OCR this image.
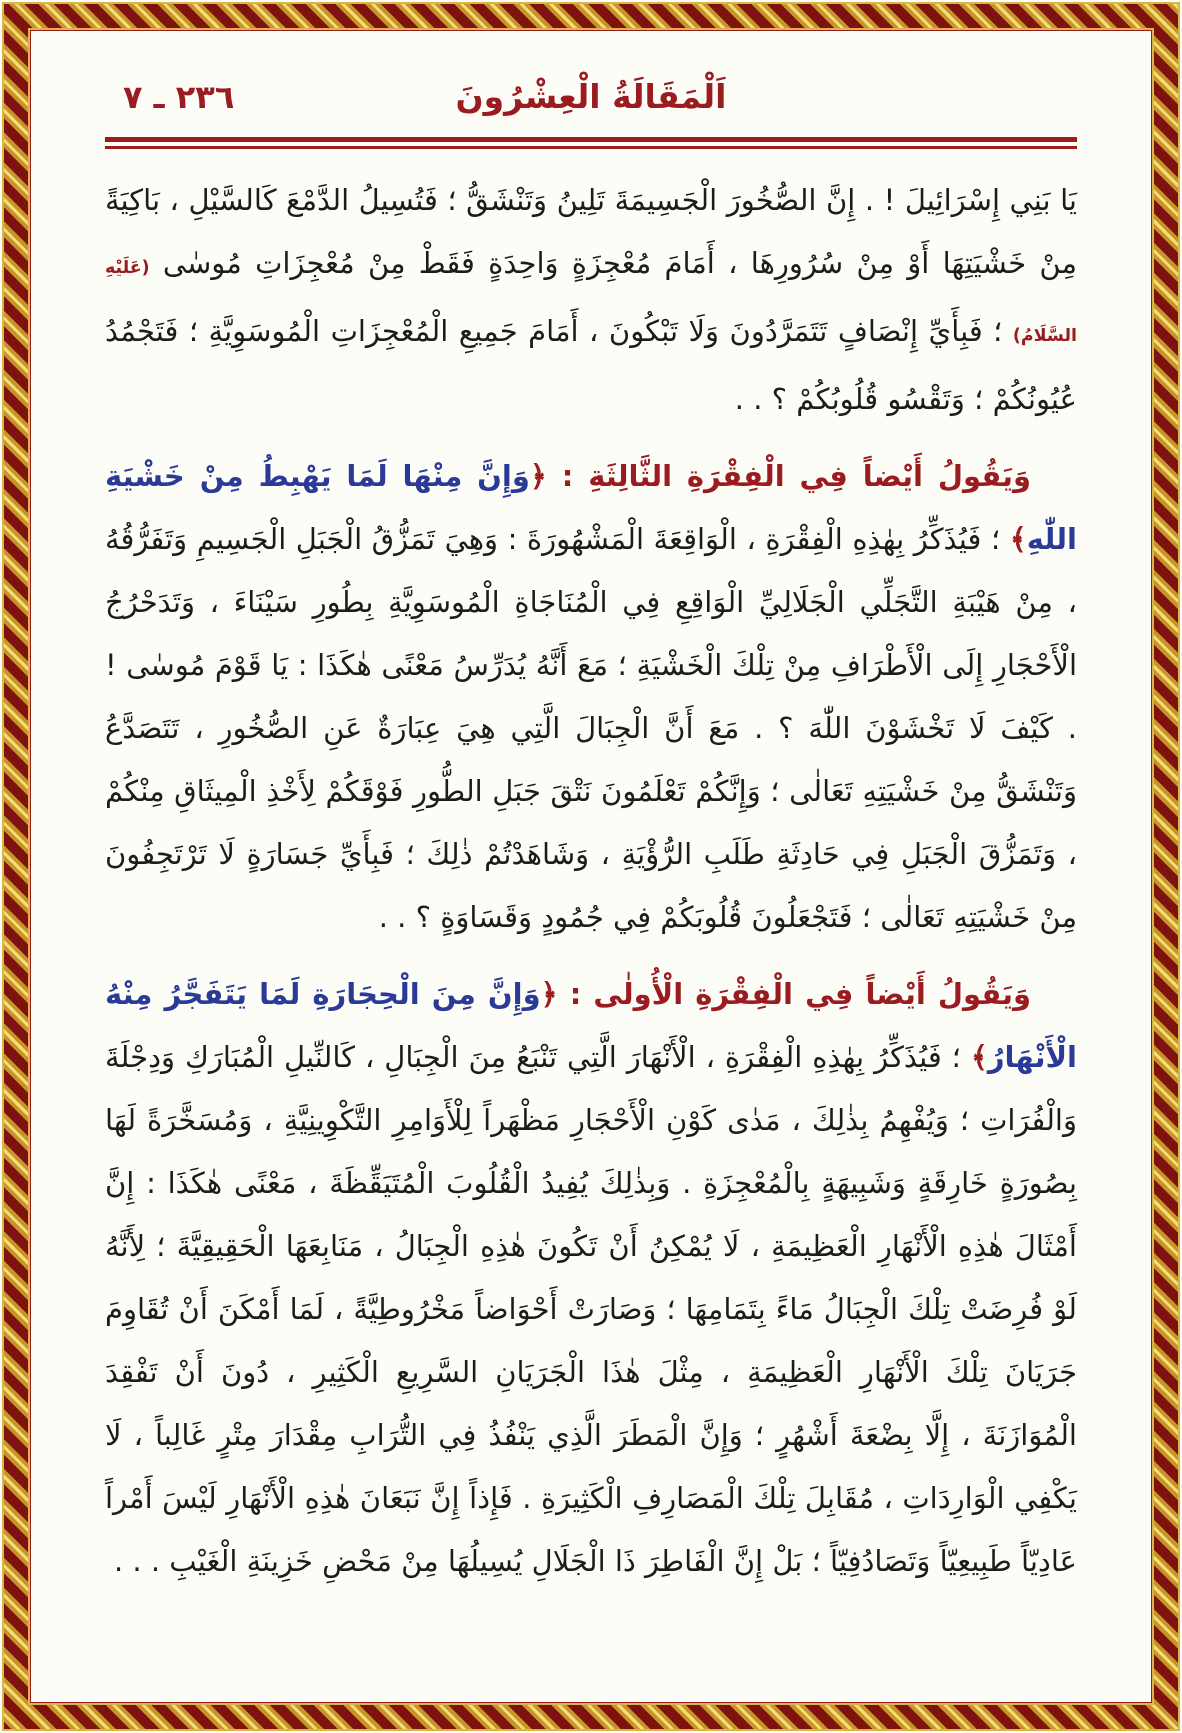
٢٣٦ ـ ٧	اَلْمَقَالَةُ الْعِشْرُونَ

يَا بَنِي إِسْرَائِيلَ ! . إِنَّ الصُّخُورَ الْجَسِيمَةَ تَلِينُ وَتَنْشَقُّ ؛ فَتُسِيلُ الدَّمْعَ كَالسَّيْلِ ، بَاكِيَةً مِنْ خَشْيَتِهَا أَوْ مِنْ سُرُورِهَا ، أَمَامَ مُعْجِزَةٍ وَاحِدَةٍ فَقَطْ مِنْ مُعْجِزَاتِ مُوسٰى (عَلَيْهِ السَّلَامُ) ؛ فَبِأَيِّ إِنْصَافٍ تَتَمَرَّدُونَ وَلَا تَبْكُونَ ، أَمَامَ جَمِيعِ الْمُعْجِزَاتِ الْمُوسَوِيَّةِ ؛ فَتَجْمُدُ عُيُونُكُمْ ؛ وَتَقْسُو قُلُوبُكُمْ ؟ . .

وَيَقُولُ أَيْضاً فِي الْفِقْرَةِ الثَّالِثَةِ : ﴿وَإِنَّ مِنْهَا لَمَا يَهْبِطُ مِنْ خَشْيَةِ اللّٰهِ﴾ ؛ فَيُذَكِّرُ بِهٰذِهِ الْفِقْرَةِ ، الْوَاقِعَةَ الْمَشْهُورَةَ : وَهِيَ تَمَزُّقُ الْجَبَلِ الْجَسِيمِ وَتَفَرُّقُهُ ، مِنْ هَيْبَةِ التَّجَلِّي الْجَلَالِيِّ الْوَاقِعِ فِي الْمُنَاجَاةِ الْمُوسَوِيَّةِ بِطُورِ سَيْنَاءَ ، وَتَدَحْرُجُ الْأَحْجَارِ إِلَى الْأَطْرَافِ مِنْ تِلْكَ الْخَشْيَةِ ؛ مَعَ أَنَّهُ يُدَرِّسُ مَعْنًى هٰكَذَا : يَا قَوْمَ مُوسٰى ! . كَيْفَ لَا تَخْشَوْنَ اللّٰهَ ؟ . مَعَ أَنَّ الْجِبَالَ الَّتِي هِيَ عِبَارَةٌ عَنِ الصُّخُورِ ، تَتَصَدَّعُ وَتَنْشَقُّ مِنْ خَشْيَتِهِ تَعَالٰى ؛ وَإِنَّكُمْ تَعْلَمُونَ نَتْقَ جَبَلِ الطُّورِ فَوْقَكُمْ لِأَخْذِ الْمِيثَاقِ مِنْكُمْ ، وَتَمَزُّقَ الْجَبَلِ فِي حَادِثَةِ طَلَبِ الرُّؤْيَةِ ، وَشَاهَدْتُمْ ذٰلِكَ ؛ فَبِأَيِّ جَسَارَةٍ لَا تَرْتَجِفُونَ مِنْ خَشْيَتِهِ تَعَالٰى ؛ فَتَجْعَلُونَ قُلُوبَكُمْ فِي جُمُودٍ وَقَسَاوَةٍ ؟ . .

وَيَقُولُ أَيْضاً فِي الْفِقْرَةِ الْأُولٰى : ﴿وَإِنَّ مِنَ الْحِجَارَةِ لَمَا يَتَفَجَّرُ مِنْهُ الْأَنْهَارُ﴾ ؛ فَيُذَكِّرُ بِهٰذِهِ الْفِقْرَةِ ، الْأَنْهَارَ الَّتِي تَنْبَعُ مِنَ الْجِبَالِ ، كَالنِّيلِ الْمُبَارَكِ وَدِجْلَةَ وَالْفُرَاتِ ؛ وَيُفْهِمُ بِذٰلِكَ ، مَدٰى كَوْنِ الْأَحْجَارِ مَظْهَراً لِلْأَوَامِرِ التَّكْوِينِيَّةِ ، وَمُسَخَّرَةً لَهَا بِصُورَةٍ خَارِقَةٍ وَشَبِيهَةٍ بِالْمُعْجِزَةِ . وَبِذٰلِكَ يُفِيدُ الْقُلُوبَ الْمُتَيَقِّظَةَ ، مَعْنًى هٰكَذَا : إِنَّ أَمْثَالَ هٰذِهِ الْأَنْهَارِ الْعَظِيمَةِ ، لَا يُمْكِنُ أَنْ تَكُونَ هٰذِهِ الْجِبَالُ ، مَنَابِعَهَا الْحَقِيقِيَّةَ ؛ لِأَنَّهُ لَوْ فُرِضَتْ تِلْكَ الْجِبَالُ مَاءً بِتَمَامِهَا ؛ وَصَارَتْ أَحْوَاضاً مَخْرُوطِيَّةً ، لَمَا أَمْكَنَ أَنْ تُقَاوِمَ جَرَيَانَ تِلْكَ الْأَنْهَارِ الْعَظِيمَةِ ، مِثْلَ هٰذَا الْجَرَيَانِ السَّرِيعِ الْكَثِيرِ ، دُونَ أَنْ تَفْقِدَ الْمُوَازَنَةَ ، إِلَّا بِضْعَةَ أَشْهُرٍ ؛ وَإِنَّ الْمَطَرَ الَّذِي يَنْفُذُ فِي التُّرَابِ مِقْدَارَ مِتْرٍ غَالِباً ، لَا يَكْفِي الْوَارِدَاتِ ، مُقَابِلَ تِلْكَ الْمَصَارِفِ الْكَثِيرَةِ . فَإِذاً إِنَّ نَبَعَانَ هٰذِهِ الْأَنْهَارِ لَيْسَ أَمْراً عَادِيّاً طَبِيعِيّاً وَتَصَادُفِيّاً ؛ بَلْ إِنَّ الْفَاطِرَ ذَا الْجَلَالِ يُسِيلُهَا مِنْ مَحْضِ خَزِينَةِ الْغَيْبِ . . .
